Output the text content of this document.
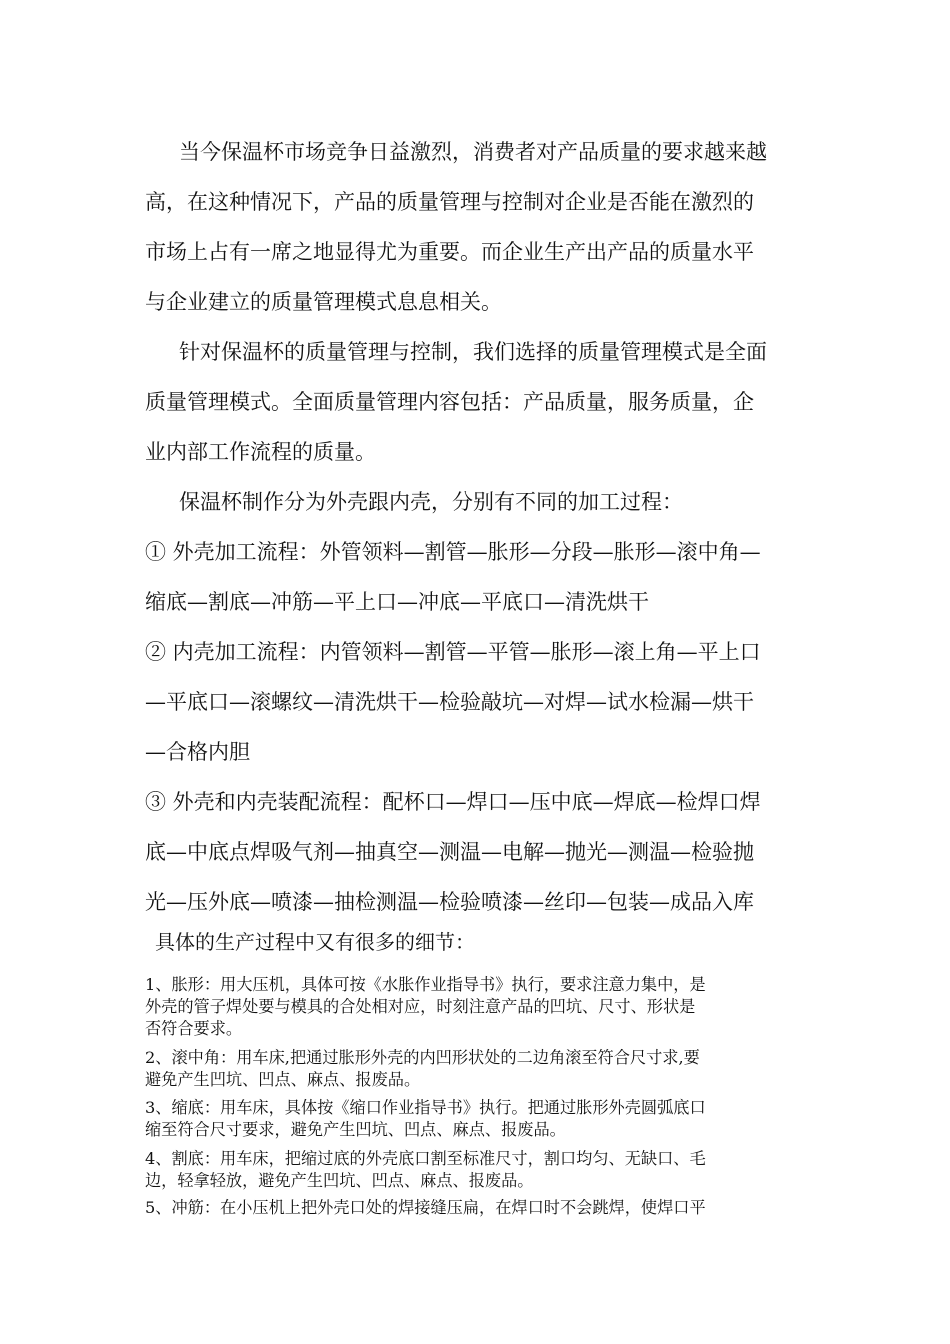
当今保温杯市场竞争日益激烈，消费者对产品质量的要求越来越
高，在这种情况下，产品的质量管理与控制对企业是否能在激烈的
市场上占有一席之地显得尤为重要。而企业生产出产品的质量水平
与企业建立的质量管理模式息息相关。

针对保温杯的质量管理与控制，我们选择的质量管理模式是全面
质量管理模式。全面质量管理内容包括：产品质量，服务质量，企
业内部工作流程的质量。

保温杯制作分为外壳跟内壳，分别有不同的加工过程：

① 外壳加工流程：外管领料—割管—胀形—分段—胀形—滚中角—
缩底—割底—冲筋—平上口—冲底—平底口—清洗烘干

② 内壳加工流程：内管领料—割管—平管—胀形—滚上角—平上口
—平底口—滚螺纹—清洗烘干—检验敲坑—对焊—试水检漏—烘干
—合格内胆

③ 外壳和内壳装配流程：配杯口—焊口—压中底—焊底—检焊口焊
底—中底点焊吸气剂—抽真空—测温—电解—抛光—测温—检验抛
光—压外底—喷漆—抽检测温—检验喷漆—丝印—包装—成品入库

具体的生产过程中又有很多的细节：

1、胀形：用大压机，具体可按《水胀作业指导书》执行，要求注意力集中，是
外壳的管子焊处要与模具的合处相对应，时刻注意产品的凹坑、尺寸、形状是
否符合要求。

2、滚中角：用车床,把通过胀形外壳的内凹形状处的二边角滚至符合尺寸求,要
避免产生凹坑、凹点、麻点、报废品。

3、缩底：用车床，具体按《缩口作业指导书》执行。把通过胀形外壳圆弧底口
缩至符合尺寸要求，避免产生凹坑、凹点、麻点、报废品。

4、割底：用车床，把缩过底的外壳底口割至标准尺寸，割口均匀、无缺口、毛
边，轻拿轻放，避免产生凹坑、凹点、麻点、报废品。

5、冲筋：在小压机上把外壳口处的焊接缝压扁，在焊口时不会跳焊，使焊口平
